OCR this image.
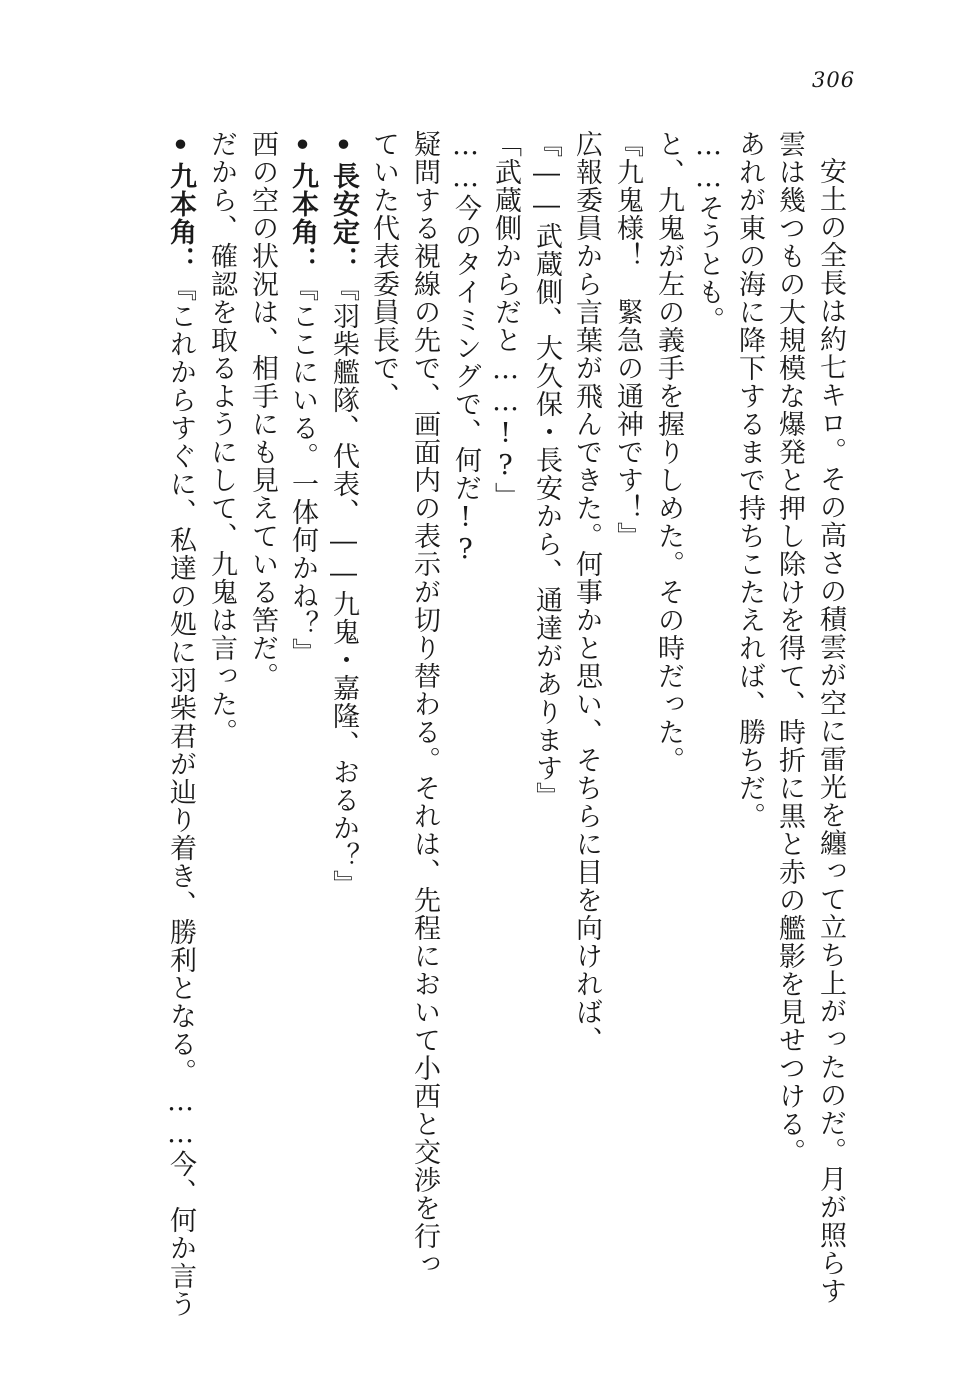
306
安土の全長は約七キロ。その高さの積雲が空に雷光を纏って立ち上がったのだ。月が照らす
雲は幾つもの大規模な爆発と押し除けを得て、時折に黒と赤の艦影を見せつける。
あれが東の海に降下するまで持ちこたえれば、勝ちだ。
……そうとも。
と、九鬼が左の義手を握りしめた。その時だった。
『九鬼様！　緊急の通神です！』
広報委員から言葉が飛んできた。何事かと思い、そちらに目を向ければ、
『――武蔵側、大久保・長安から、通達があります』
「武蔵側からだと……!?」
……今のタイミングで、何だ!?
疑問する視線の先で、画面内の表示が切り替わる。それは、先程において小西と交渉を行っ
ていた代表委員長で、
•長安定：『羽柴艦隊、代表、――九鬼・嘉隆、おるか？』
•九本角：『ここにいる。一体何かね？』
西の空の状況は、相手にも見えている筈だ。
だから、確認を取るようにして、九鬼は言った。
•九本角：『これからすぐに、私達の処に羽柴君が辿り着き、勝利となる。……今、何か言う
